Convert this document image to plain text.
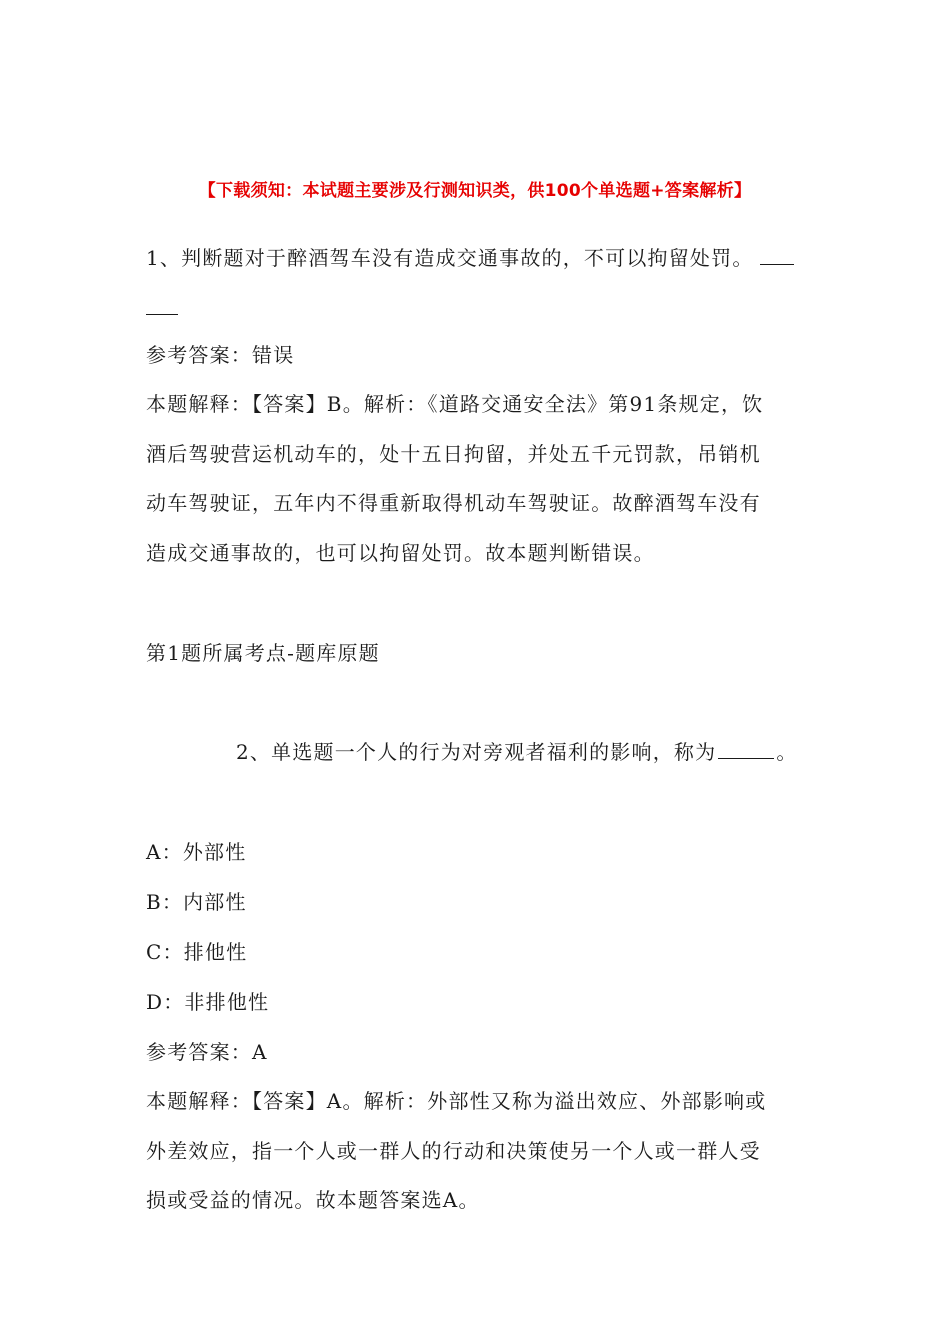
【下载须知：本试题主要涉及行测知识类，供100个单选题+答案解析】
1、判断题对于醉酒驾车没有造成交通事故的，不可以拘留处罚。
参考答案：错误
本题解释：【答案】B。解析：《道路交通安全法》第91条规定，饮
酒后驾驶营运机动车的，处十五日拘留，并处五千元罚款，吊销机
动车驾驶证，五年内不得重新取得机动车驾驶证。故醉酒驾车没有
造成交通事故的，也可以拘留处罚。故本题判断错误。
第1题所属考点-题库原题
2、单选题一个人的行为对旁观者福利的影响，称为	。
A：外部性
B：内部性
C：排他性
D：非排他性
参考答案：A
本题解释：【答案】A。解析：外部性又称为溢出效应、外部影响或
外差效应，指一个人或一群人的行动和决策使另一个人或一群人受
损或受益的情况。故本题答案选A。
